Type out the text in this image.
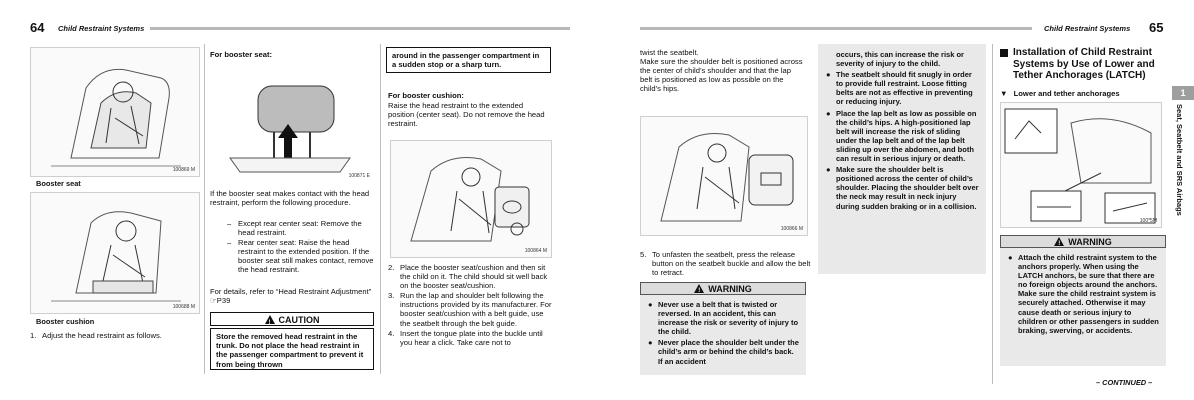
64 Child Restraint Systems
100869 M
Booster seat
100688 M
Booster cushion
1. Adjust the head restraint as follows.
For booster seat:
100871 E
If the booster seat makes contact with the head restraint, perform the following procedure.
– Except rear center seat: Remove the head restraint.
– Rear center seat: Raise the head restraint to the extended position. If the booster seat still makes contact, remove the head restraint.
For details, refer to “Head Restraint Adjustment” ☞P39
! CAUTION
Store the removed head restraint in the trunk. Do not place the head restraint in the passenger compartment to prevent it from being thrown
around in the passenger compartment in a sudden stop or a sharp turn.
For booster cushion:
Raise the head restraint to the extended position (center seat). Do not remove the head restraint.
100864 M
2. Place the booster seat/cushion and then sit the child on it. The child should sit well back on the booster seat/cushion.
3. Run the lap and shoulder belt following the instructions provided by its manufacturer. For booster seat/cushion with a belt guide, use the seatbelt through the belt guide.
4. Insert the tongue plate into the buckle until you hear a click. Take care not to
Child Restraint Systems 65
twist the seatbelt.
Make sure the shoulder belt is positioned across the center of child’s shoulder and that the lap belt is positioned as low as possible on the child’s hips.
100866 M
5. To unfasten the seatbelt, press the release button on the seatbelt buckle and allow the belt to retract.
! WARNING
● Never use a belt that is twisted or reversed. In an accident, this can increase the risk or severity of injury to the child.
● Never place the shoulder belt under the child’s arm or behind the child’s back. If an accident
occurs, this can increase the risk or severity of injury to the child.
● The seatbelt should fit snugly in order to provide full restraint. Loose fitting belts are not as effective in preventing or reducing injury.
● Place the lap belt as low as possible on the child’s hips. A high-positioned lap belt will increase the risk of sliding under the lap belt and of the lap belt sliding up over the abdomen, and both can result in serious injury or death.
● Make sure the shoulder belt is positioned across the center of child’s shoulder. Placing the shoulder belt over the neck may result in neck injury during sudden braking or in a collision.
Installation of Child Restraint Systems by Use of Lower and Tether Anchorages (LATCH)
▼ Lower and tether anchorages
100*5M
! WARNING
● Attach the child restraint system to the anchors properly. When using the LATCH anchors, be sure that there are no foreign objects around the anchors. Make sure the child restraint system is securely attached. Otherwise it may cause death or serious injury to children or other passengers in sudden braking, swerving, or accidents.
– CONTINUED –
1
Seat, Seatbelt and SRS Airbags
